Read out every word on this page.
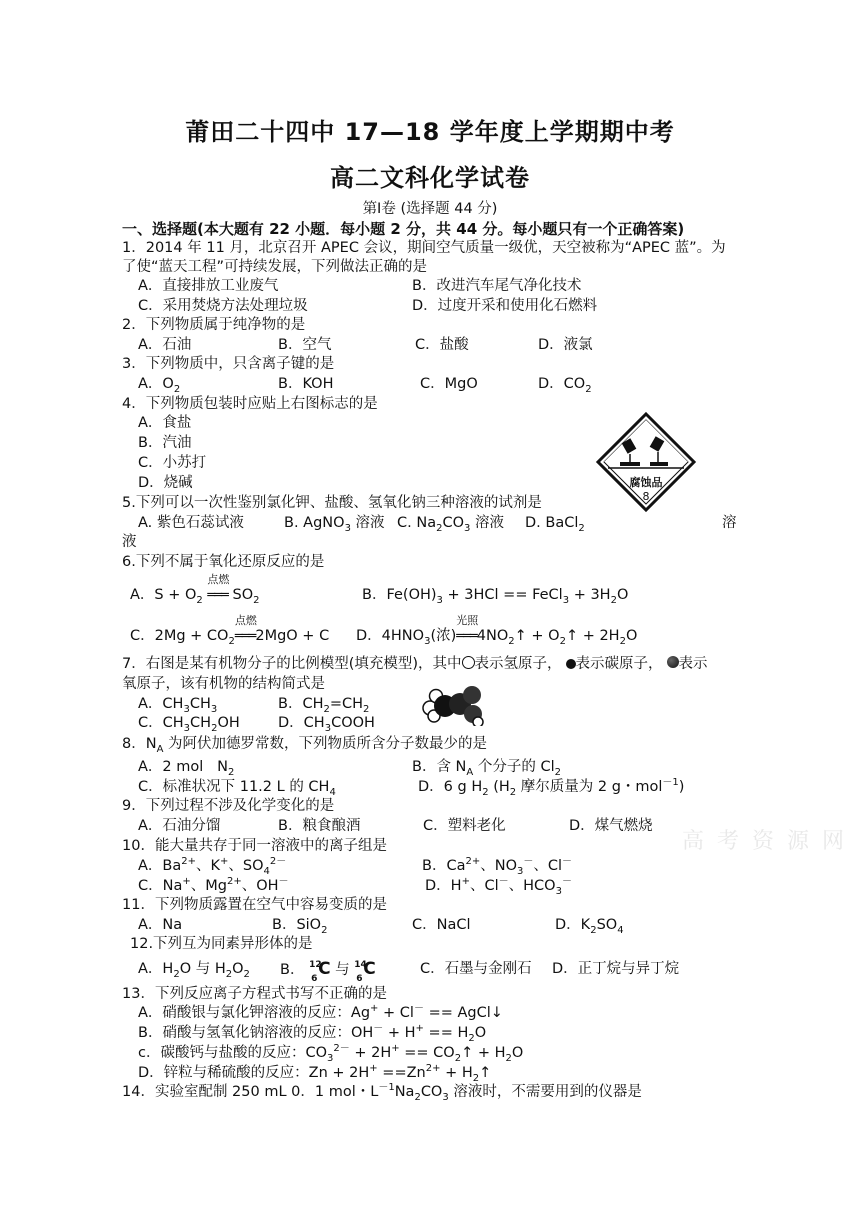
莆田二十四中 17—18 学年度上学期期中考
高二文科化学试卷
第Ⅰ卷 (选择题 44 分)
一、选择题(本大题有 22 小题．每小题 2 分，共 44 分。每小题只有一个正确答案)
1．2014 年 11 月，北京召开 APEC 会议，期间空气质量一级优，天空被称为“APEC 蓝”。为
了使“蓝天工程”可持续发展，下列做法正确的是
A．直接排放工业废气	B．改进汽车尾气净化技术
C．采用焚烧方法处理垃圾	D．过度开采和使用化石燃料
2．下列物质属于纯净物的是
A．石油	B．空气	C．盐酸	D．液氯
3．下列物质中，只含离子键的是
A．$O_2$	B．KOH	C．MgO	D．$CO_2$
4．下列物质包装时应贴上右图标志的是
A．食盐
B．汽油
C．小苏打
D．烧碱	腐蚀品
8
5.下列可以一次性鉴别氯化钾、盐酸、氢氧化钠三种溶液的试剂是
A. 紫色石蕊试液	B. AgNO$_3$ 溶液 C. $Na_2CO_3$ 溶液 D. BaCl$_2$	溶
液
6.下列不属于氧化还原反应的是
A．$S + O_2$
点燃
═══ $SO_2$	B．$Fe(OH)_3 + 3HCl$ == FeCl$_3$ + $3H_2O$
C．$2Mg + CO_2$
点燃
═══2MgO + C D．$4HNO_3$(浓)
光照
$═══4NO_2↑$ + $O_2↑ + 2H_2O$
7．右图是某有机物分子的比例模型(填充模型)，其中 表示氢原子， 表示碳原子， 表示
氧原子，该有机物的结构简式是
A．$CH_3CH_3$	B．$CH_2=CH_2$
C．$CH_3CH_2OH$	D．$CH_3COOH$
8．$N_A$ 为阿伏加德罗常数，下列物质所含分子数最少的是
A．2 mol   $N_2$	B．含 $N_A$ 个分子的 $Cl_2$
C．标准状况下 11.2 L 的 $CH_4$	D．6 g $H_2$ ($H_2$ 摩尔质量为 2 g・mol$^{-1}$)
9．下列过程不涉及化学变化的是
A．石油分馏	B．粮食酿酒	C．塑料老化	D．煤气燃烧
高 考 资 源 网
10．能大量共存于同一溶液中的离子组是
A．$Ba^{2+}$、K+、$SO_4^{2-}$	B．$Ca^{2+}$、$NO_3^-$、Cl－
C．Na+、$Mg^{2+}$、OH－	D．H+、Cl－、$HCO_3^-$
11．下列物质露置在空气中容易变质的是
A．Na	B．SiO$_2$	C．NaCl	D．$K_2SO_4$
12.下列互为同素异形体的是
A．$H_2O$ 与 $H_2O_2$ B． 12
6 C 与 14
6 C	C．石墨与金刚石 D．正丁烷与异丁烷
13．下列反应离子方程式书写不正确的是
A．硝酸银与氯化钾溶液的反应：Ag+ + Cl－ == AgCl↓
B．硝酸与氢氧化钠溶液的反应：$OH^- + H^+ == H_2O$
c．碳酸钙与盐酸的反应：$CO_3^{2-} + 2H^+$ == $CO_2↑ + H_2O$
D．锌粒与稀硫酸的反应：$Zn + 2H^+ ==Zn^{2+}$ + $H_2↑$
14．实验室配制 250 mL 0．1 mol・$L^{-1}Na_2CO_3$ 溶液时，不需要用到的仪器是
